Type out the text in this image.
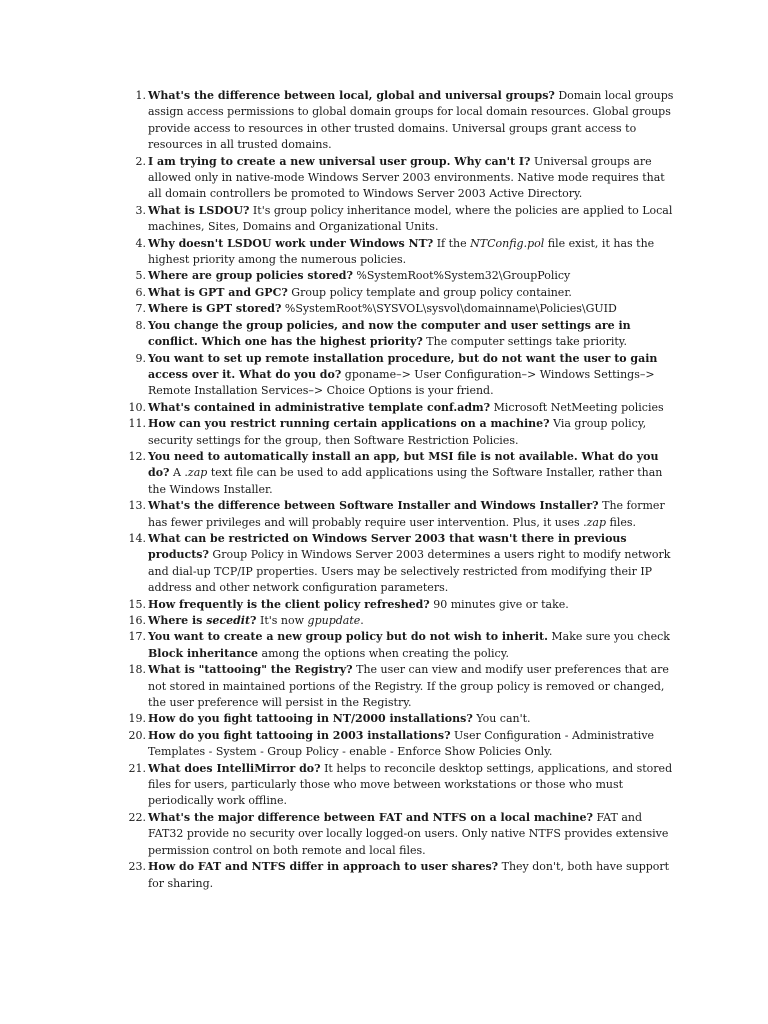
1. What's the difference between local, global and universal groups? Domain local groups assign access permissions to global domain groups for local domain resources. Global groups provide access to resources in other trusted domains. Universal groups grant access to resources in all trusted domains.
2. I am trying to create a new universal user group. Why can't I? Universal groups are allowed only in native-mode Windows Server 2003 environments. Native mode requires that all domain controllers be promoted to Windows Server 2003 Active Directory.
3. What is LSDOU? It's group policy inheritance model, where the policies are applied to Local machines, Sites, Domains and Organizational Units.
4. Why doesn't LSDOU work under Windows NT? If the NTConfig.pol file exist, it has the highest priority among the numerous policies.
5. Where are group policies stored? %SystemRoot%System32\GroupPolicy
6. What is GPT and GPC? Group policy template and group policy container.
7. Where is GPT stored? %SystemRoot%\SYSVOL\sysvol\domainname\Policies\GUID
8. You change the group policies, and now the computer and user settings are in conflict. Which one has the highest priority? The computer settings take priority.
9. You want to set up remote installation procedure, but do not want the user to gain access over it. What do you do? gponame–> User Configuration–> Windows Settings–> Remote Installation Services–> Choice Options is your friend.
10. What's contained in administrative template conf.adm? Microsoft NetMeeting policies
11. How can you restrict running certain applications on a machine? Via group policy, security settings for the group, then Software Restriction Policies.
12. You need to automatically install an app, but MSI file is not available. What do you do? A .zap text file can be used to add applications using the Software Installer, rather than the Windows Installer.
13. What's the difference between Software Installer and Windows Installer? The former has fewer privileges and will probably require user intervention. Plus, it uses .zap files.
14. What can be restricted on Windows Server 2003 that wasn't there in previous products? Group Policy in Windows Server 2003 determines a users right to modify network and dial-up TCP/IP properties. Users may be selectively restricted from modifying their IP address and other network configuration parameters.
15. How frequently is the client policy refreshed? 90 minutes give or take.
16. Where is secedit? It's now gpupdate.
17. You want to create a new group policy but do not wish to inherit. Make sure you check Block inheritance among the options when creating the policy.
18. What is "tattooing" the Registry? The user can view and modify user preferences that are not stored in maintained portions of the Registry. If the group policy is removed or changed, the user preference will persist in the Registry.
19. How do you fight tattooing in NT/2000 installations? You can't.
20. How do you fight tattooing in 2003 installations? User Configuration - Administrative Templates - System - Group Policy - enable - Enforce Show Policies Only.
21. What does IntelliMirror do? It helps to reconcile desktop settings, applications, and stored files for users, particularly those who move between workstations or those who must periodically work offline.
22. What's the major difference between FAT and NTFS on a local machine? FAT and FAT32 provide no security over locally logged-on users. Only native NTFS provides extensive permission control on both remote and local files.
23. How do FAT and NTFS differ in approach to user shares? They don't, both have support for sharing.
